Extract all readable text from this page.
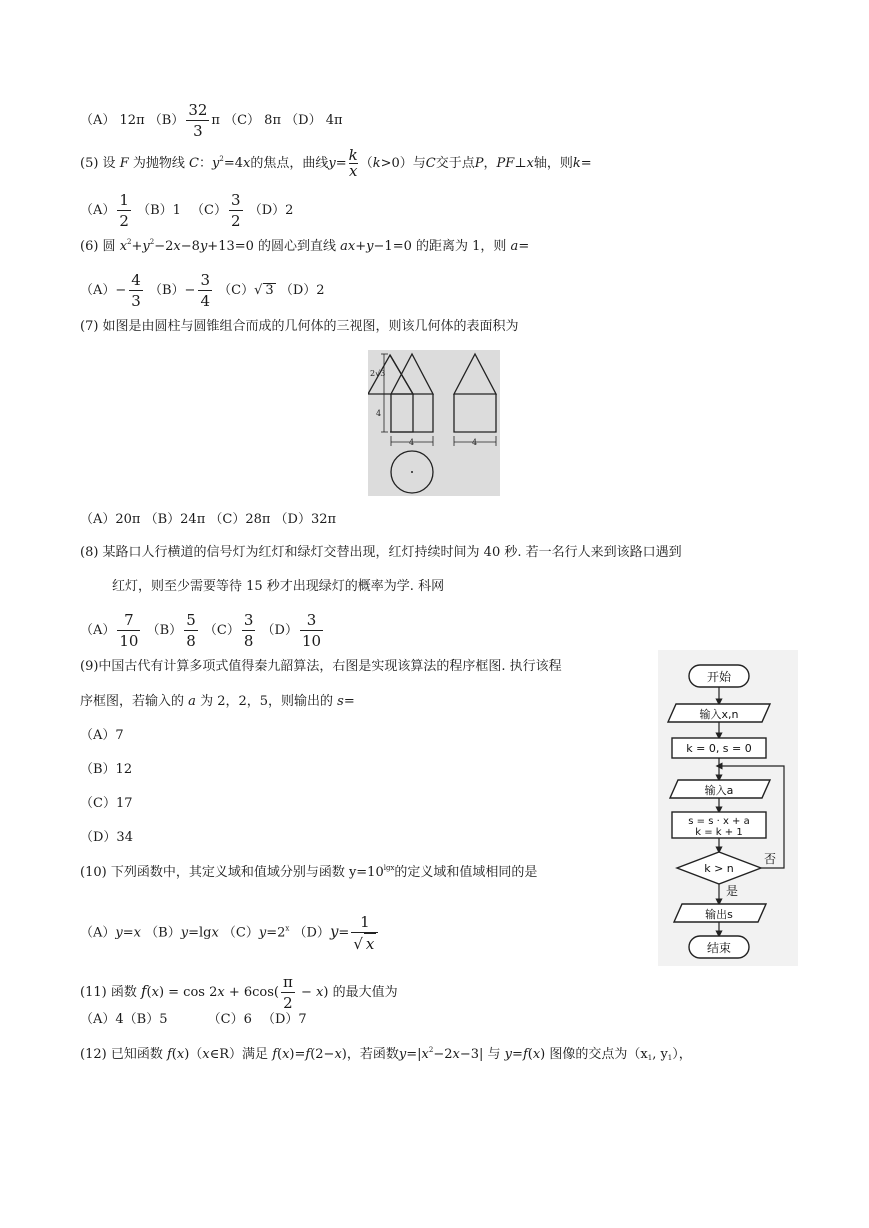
（A） 12π $(B) \frac{32}{3}$ π （C） 8π （D） 4π
(5) 设 F 为抛物线 C：$y^2=4x$的焦点，曲线$y= \frac{k}{x} (k>0)$与C交于点P，PF⊥x轴，则k=
$(A) \frac{1}{2} (B)1$ $(C) \frac{3}{2} (D)2$
(6) 圆 $x^2+y^2-2x-8y+13=0$ 的圆心到直线 ax+y−1=0 的距离为 1，则 a=
$(A)- \frac{4}{3} (B)- \frac{3}{4} (C)√$ 3 （D）2
(7) 如图是由圆柱与圆锥组合而成的几何体的三视图，则该几何体的表面积为
2√3
4
4	4
（A）20π （B）24π （C）28π （D）32π
(8) 某路口人行横道的信号灯为红灯和绿灯交替出现，红灯持续时间为 40 秒. 若一名行人来到该路口遇到
红灯，则至少需要等待 15 秒才出现绿灯的概率为学. 科网
$(A) \frac{7}{10} (B) \frac{5}{8} (C) \frac{3}{8} (D) \frac{3}{10}$
(9)中国古代有计算多项式值得秦九韶算法，右图是实现该算法的程序框图. 执行该程
序框图，若输入的 a 为 2，2，5，则输出的 s=
（A）7
（B）12
（C）17
（D）34
开始
输入x,n
k = 0, s = 0
输入a
s = s · x + a
k = k + 1
k > n
否
是
输出s
结束
(10) 下列函数中，其定义域和值域分别与函数 $y=10^{lgx}$的定义域和值域相同的是
（A）y=x （B）y=lgx $(C)y=2^x$ $(D)y= \frac{1}{√ x}$
(11) 函数 $f(x) = \cos 2x + 6\cos( \frac{\pi}{2} - x)$ 的最大值为
（A）4（B）5	（C）6 （D）7
(12) 已知函数 f(x)（x∈R）满足 f(x)=f(2−x)，若函数$y=|x^2-2x-3|$ 与 y=f(x) 图像的交点为（$x_1$, $y_1$），
